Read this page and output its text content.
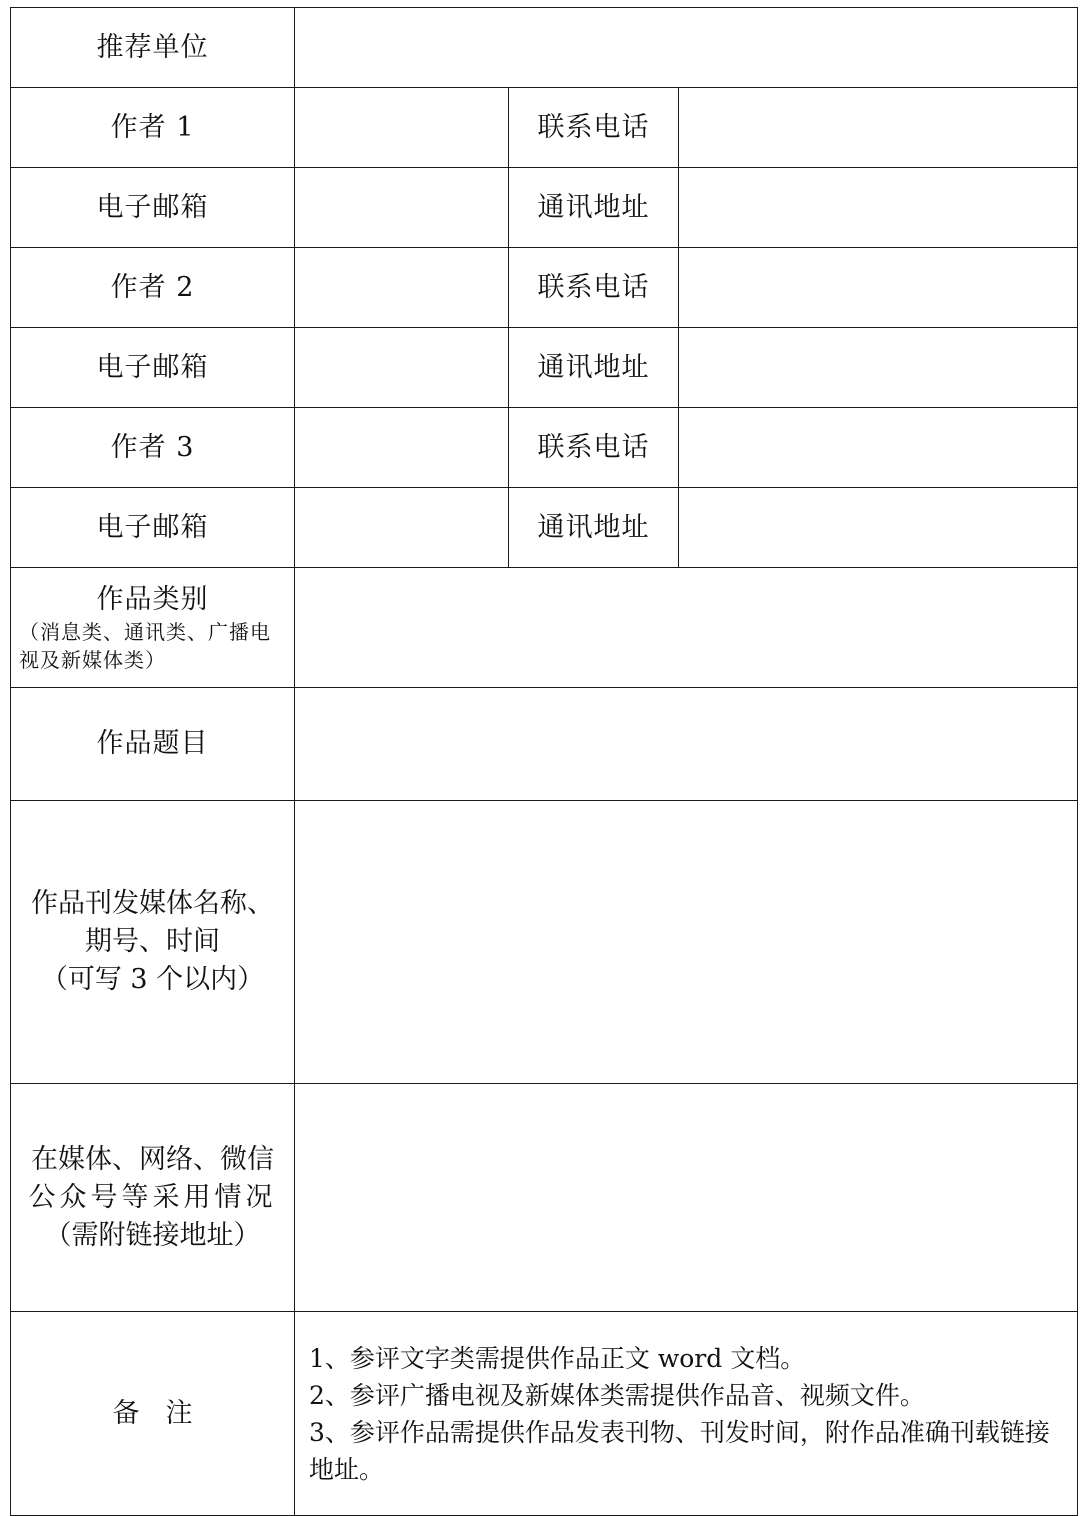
推荐单位			
作者 1		联系电话	
电子邮箱		通讯地址	
作者 2		联系电话	
电子邮箱		通讯地址	
作者 3		联系电话	
电子邮箱		通讯地址	

作品类别
（消息类、通讯类、广播电视及新媒体类）			

作品题目			

作品刊发媒体名称、
期号、时间
（可写 3 个以内）			

在媒体、网络、微信
公众号等采用情况
（需附链接地址）			

备注	1、参评文字类需提供作品正文 word 文档。
2、参评广播电视及新媒体类需提供作品音、视频文件。
3、参评作品需提供作品发表刊物、刊发时间，附作品准确刊载链接地址。		
